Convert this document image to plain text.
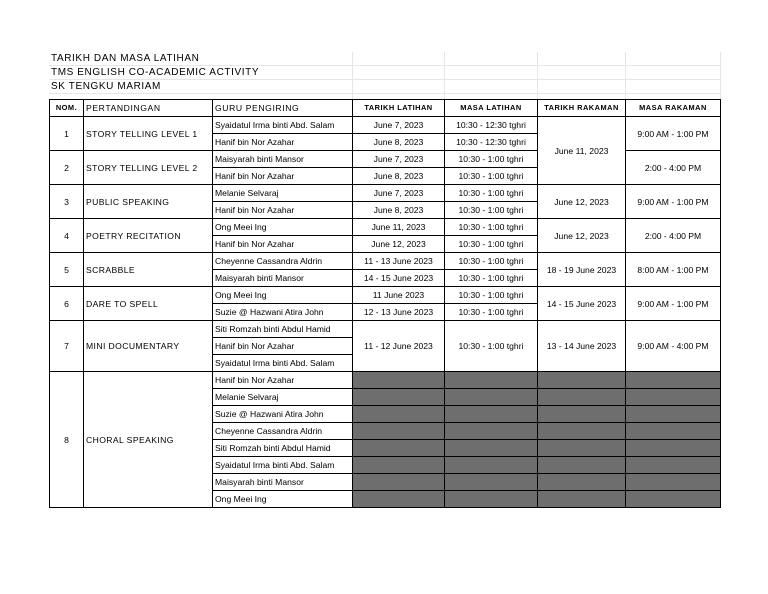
TARIKH DAN MASA LATIHAN				
TMS ENGLISH CO-ACADEMIC ACTIVITY				
SK TENGKU MARIAM				

NOM.	PERTANDINGAN	GURU PENGIRING	TARIKH LATIHAN	MASA LATIHAN	TARIKH RAKAMAN	MASA RAKAMAN
1	STORY TELLING LEVEL 1	Syaidatul Irma binti Abd. Salam	June 7, 2023	10:30 - 12:30 tghri	June 11, 2023	9:00 AM - 1:00 PM
		Hanif bin Nor Azahar	June 8, 2023	10:30 - 12:30 tghri		
2	STORY TELLING LEVEL 2	Maisyarah binti Mansor	June 7, 2023	10:30 - 1:00 tghri		2:00 - 4:00 PM
		Hanif bin Nor Azahar	June 8, 2023	10:30 - 1:00 tghri		
3	PUBLIC SPEAKING	Melanie Selvaraj	June 7, 2023	10:30 - 1:00 tghri	June 12, 2023	9:00 AM - 1:00 PM
		Hanif bin Nor Azahar	June 8, 2023	10:30 - 1:00 tghri		
4	POETRY RECITATION	Ong Meei Ing	June 11, 2023	10:30 - 1:00 tghri	June 12, 2023	2:00 - 4:00 PM
		Hanif bin Nor Azahar	June 12, 2023	10:30 - 1:00 tghri		
5	SCRABBLE	Cheyenne Cassandra Aldrin	11 - 13 June 2023	10:30 - 1:00 tghri	18 - 19 June 2023	8:00 AM - 1:00 PM
		Maisyarah binti Mansor	14 - 15 June 2023	10:30 - 1:00 tghri		
6	DARE TO SPELL	Ong Meei Ing	11 June 2023	10:30 - 1:00 tghri	14 - 15 June 2023	9:00 AM - 1:00 PM
		Suzie @ Hazwani Atira John	12 - 13 June 2023	10:30 - 1:00 tghri		
7	MINI DOCUMENTARY	Siti Romzah binti Abdul Hamid	11 - 12 June 2023	10:30 - 1:00 tghri	13 - 14 June 2023	9:00 AM - 4:00 PM
		Hanif bin Nor Azahar				
		Syaidatul Irma binti Abd. Salam				
8	CHORAL SPEAKING	Hanif bin Nor Azahar				
		Melanie Selvaraj				
		Suzie @ Hazwani Atira John				
		Cheyenne Cassandra Aldrin				
		Siti Romzah binti Abdul Hamid				
		Syaidatul Irma binti Abd. Salam				
		Maisyarah binti Mansor				
		Ong Meei Ing				
